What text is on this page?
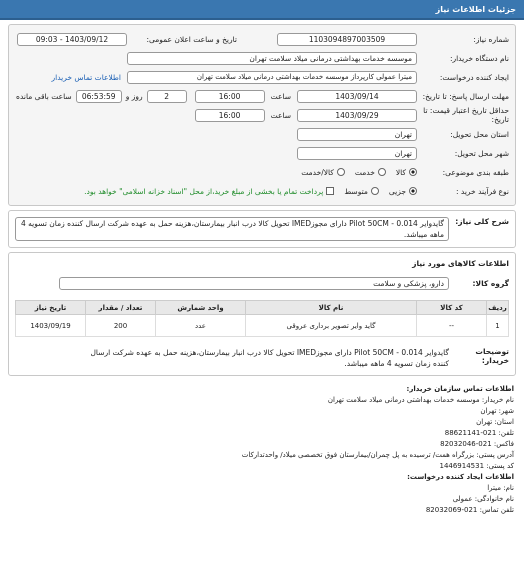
جزئیات اطلاعات نیاز
شماره نیاز:
1103094897003509
تاریخ و ساعت اعلان عمومی:
1403/09/12 - 09:03
نام دستگاه خریدار:
موسسه خدمات بهداشتی درمانی میلاد سلامت تهران
ایجاد کننده درخواست:
میترا عمولی کارپرداز موسسه خدمات بهداشتی درمانی میلاد سلامت تهران
اطلاعات تماس خریدار
مهلت ارسال پاسخ: تا تاریخ:
1403/09/14
ساعت
16:00
2
روز و
06:53:59
ساعت باقی مانده
حداقل تاریخ اعتبار قیمت: تا تاریخ:
1403/09/29
ساعت
16:00
استان محل تحویل:
تهران
شهر محل تحویل:
تهران
طبقه بندی موضوعی:
کالا
خدمت
کالا/خدمت
نوع فرآیند خرید :
جزیی
متوسط
پرداخت تمام یا بخشی از مبلغ خرید،از محل "اسناد خزانه اسلامی" خواهد بود.
شرح کلی نیاز:
گایدوایر Pilot 50CM - 0.014 دارای مجوزIMED تحویل کالا درب انبار بیمارستان،هزینه حمل به عهده شرکت ارسال کننده زمان تسویه 4 ماهه میباشد.
اطلاعات کالاهای مورد نیاز
گروه کالا:
دارو، پزشکی و سلامت
ردیف	کد کالا	نام کالا	واحد شمارش	تعداد / مقدار	تاریخ نیاز
1	--	گاید وایر تصویر برداری عروقی	عدد	200	1403/09/19
توضیحات خریدار:
گایدوایر Pilot 50CM - 0.014 دارای مجوزIMED تحویل کالا درب انبار بیمارستان،هزینه حمل به عهده شرکت ارسال کننده زمان تسویه 4 ماهه میباشد.
اطلاعات تماس سازمان خریدار:
نام خریدار: موسسه خدمات بهداشتی درمانی میلاد سلامت تهران
شهر: تهران
استان: تهران
تلفن: 021-88621141
فاکس: 021-82032046
آدرس پستی: بزرگراه همت/ ترسیده به پل چمران/بیمارستان فوق تخصصی میلاد/ واحدتدارکات
کد پستی: 1446914531
اطلاعات ایجاد کننده درخواست:
نام: میترا
نام خانوادگی: عمولی
تلفن تماس: 021-82032069
